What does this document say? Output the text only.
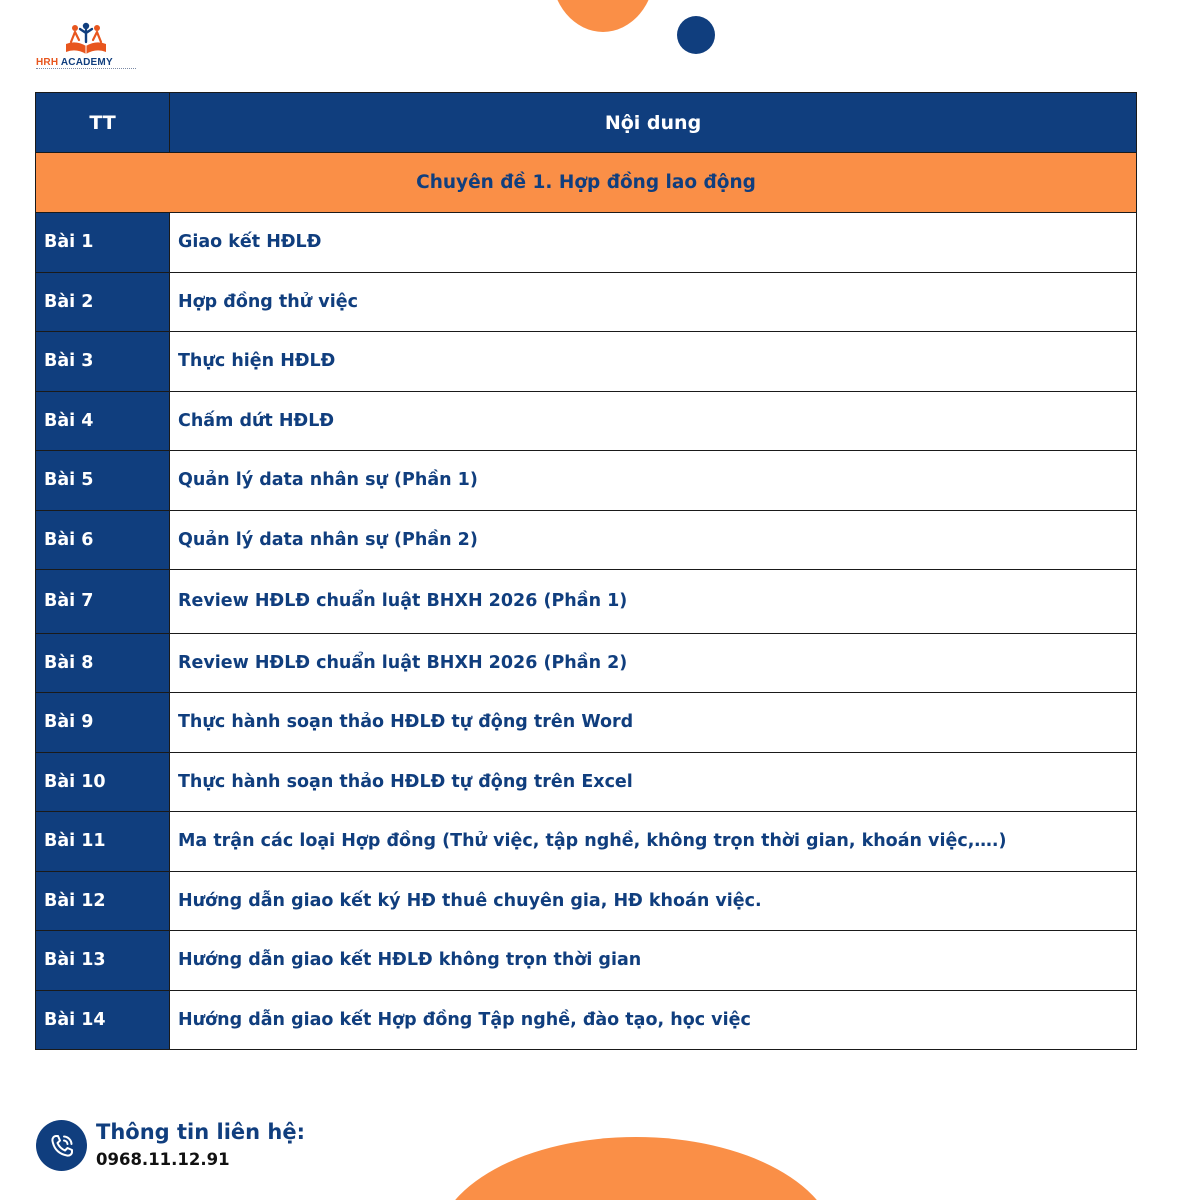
HRH ACADEMY
TT	Nội dung
Chuyên đề 1. Hợp đồng lao động	
Bài 1	Giao kết HĐLĐ
Bài 2	Hợp đồng thử việc
Bài 3	Thực hiện HĐLĐ
Bài 4	Chấm dứt HĐLĐ
Bài 5	Quản lý data nhân sự (Phần 1)
Bài 6	Quản lý data nhân sự (Phần 2)
Bài 7	Review HĐLĐ chuẩn luật BHXH 2026 (Phần 1)
Bài 8	Review HĐLĐ chuẩn luật BHXH 2026 (Phần 2)
Bài 9	Thực hành soạn thảo HĐLĐ tự động trên Word
Bài 10	Thực hành soạn thảo HĐLĐ tự động trên Excel
Bài 11	Ma trận các loại Hợp đồng (Thử việc, tập nghề, không trọn thời gian, khoán việc,….)
Bài 12	Hướng dẫn giao kết ký HĐ thuê chuyên gia, HĐ khoán việc.
Bài 13	Hướng dẫn giao kết HĐLĐ không trọn thời gian
Bài 14	Hướng dẫn giao kết Hợp đồng Tập nghề, đào tạo, học việc
Thông tin liên hệ:
0968.11.12.91
